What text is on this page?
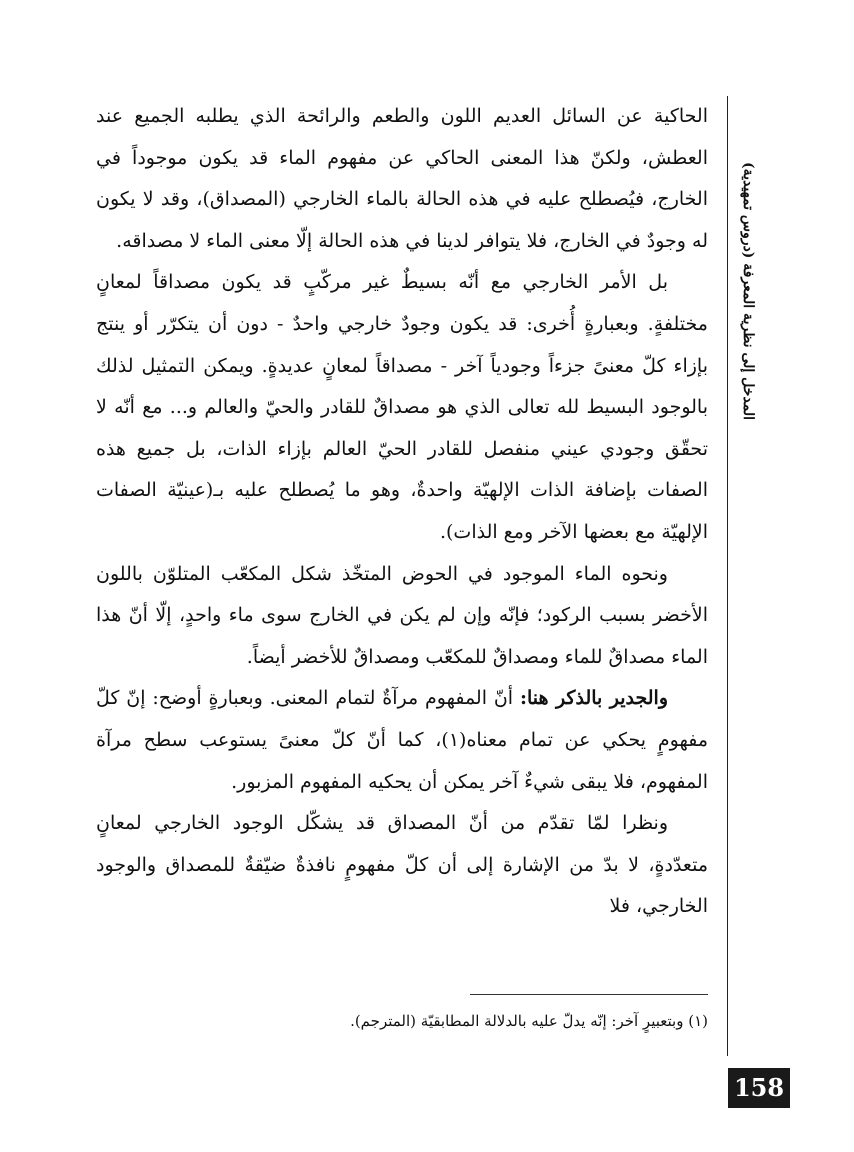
الحاكية عن السائل العديم اللون والطعم والرائحة الذي يطلبه الجميع عند العطش، ولكنّ هذا المعنى الحاكي عن مفهوم الماء قد يكون موجوداً في الخارج، فيُصطلح عليه في هذه الحالة بالماء الخارجي (المصداق)، وقد لا يكون له وجودٌ في الخارج، فلا يتوافر لدينا في هذه الحالة إلّا معنى الماء لا مصداقه.

بل الأمر الخارجي مع أنّه بسيطٌ غير مركّبٍ قد يكون مصداقاً لمعانٍ مختلفةٍ. وبعبارةٍ أُخرى: قد يكون وجودٌ خارجي واحدٌ - دون أن يتكرّر أو ينتج بإزاء كلّ معنىً جزءاً وجودياً آخر - مصداقاً لمعانٍ عديدةٍ. ويمكن التمثيل لذلك بالوجود البسيط لله تعالى الذي هو مصداقٌ للقادر والحيّ والعالم و... مع أنّه لا تحقّق وجودي عيني منفصل للقادر الحيّ العالم بإزاء الذات، بل جميع هذه الصفات بإضافة الذات الإلهيّة واحدةٌ، وهو ما يُصطلح عليه بـ(عينيّة الصفات الإلهيّة مع بعضها الآخر ومع الذات).

ونحوه الماء الموجود في الحوض المتخّذ شكل المكعّب المتلوّن باللون الأخضر بسبب الركود؛ فإنّه وإن لم يكن في الخارج سوى ماء واحدٍ، إلّا أنّ هذا الماء مصداقٌ للماء ومصداقٌ للمكعّب ومصداقٌ للأخضر أيضاً.

والجدير بالذكر هنا: أنّ المفهوم مرآةٌ لتمام المعنى. وبعبارةٍ أوضح: إنّ كلّ مفهومٍ يحكي عن تمام معناه(١)، كما أنّ كلّ معنىً يستوعب سطح مرآة المفهوم، فلا يبقى شيءٌ آخر يمكن أن يحكيه المفهوم المزبور.

ونظرا لمّا تقدّم من أنّ المصداق قد يشكّل الوجود الخارجي لمعانٍ متعدّدةٍ، لا بدّ من الإشارة إلى أن كلّ مفهومٍ نافذةٌ ضيّقةٌ للمصداق والوجود الخارجي، فلا

(١) وبتعبيرٍ آخر: إنّه يدلّ عليه بالدلالة المطابقيّة (المترجم).
المدخل إلى نظرية المعرفة (دروس تمهيدية)
158
